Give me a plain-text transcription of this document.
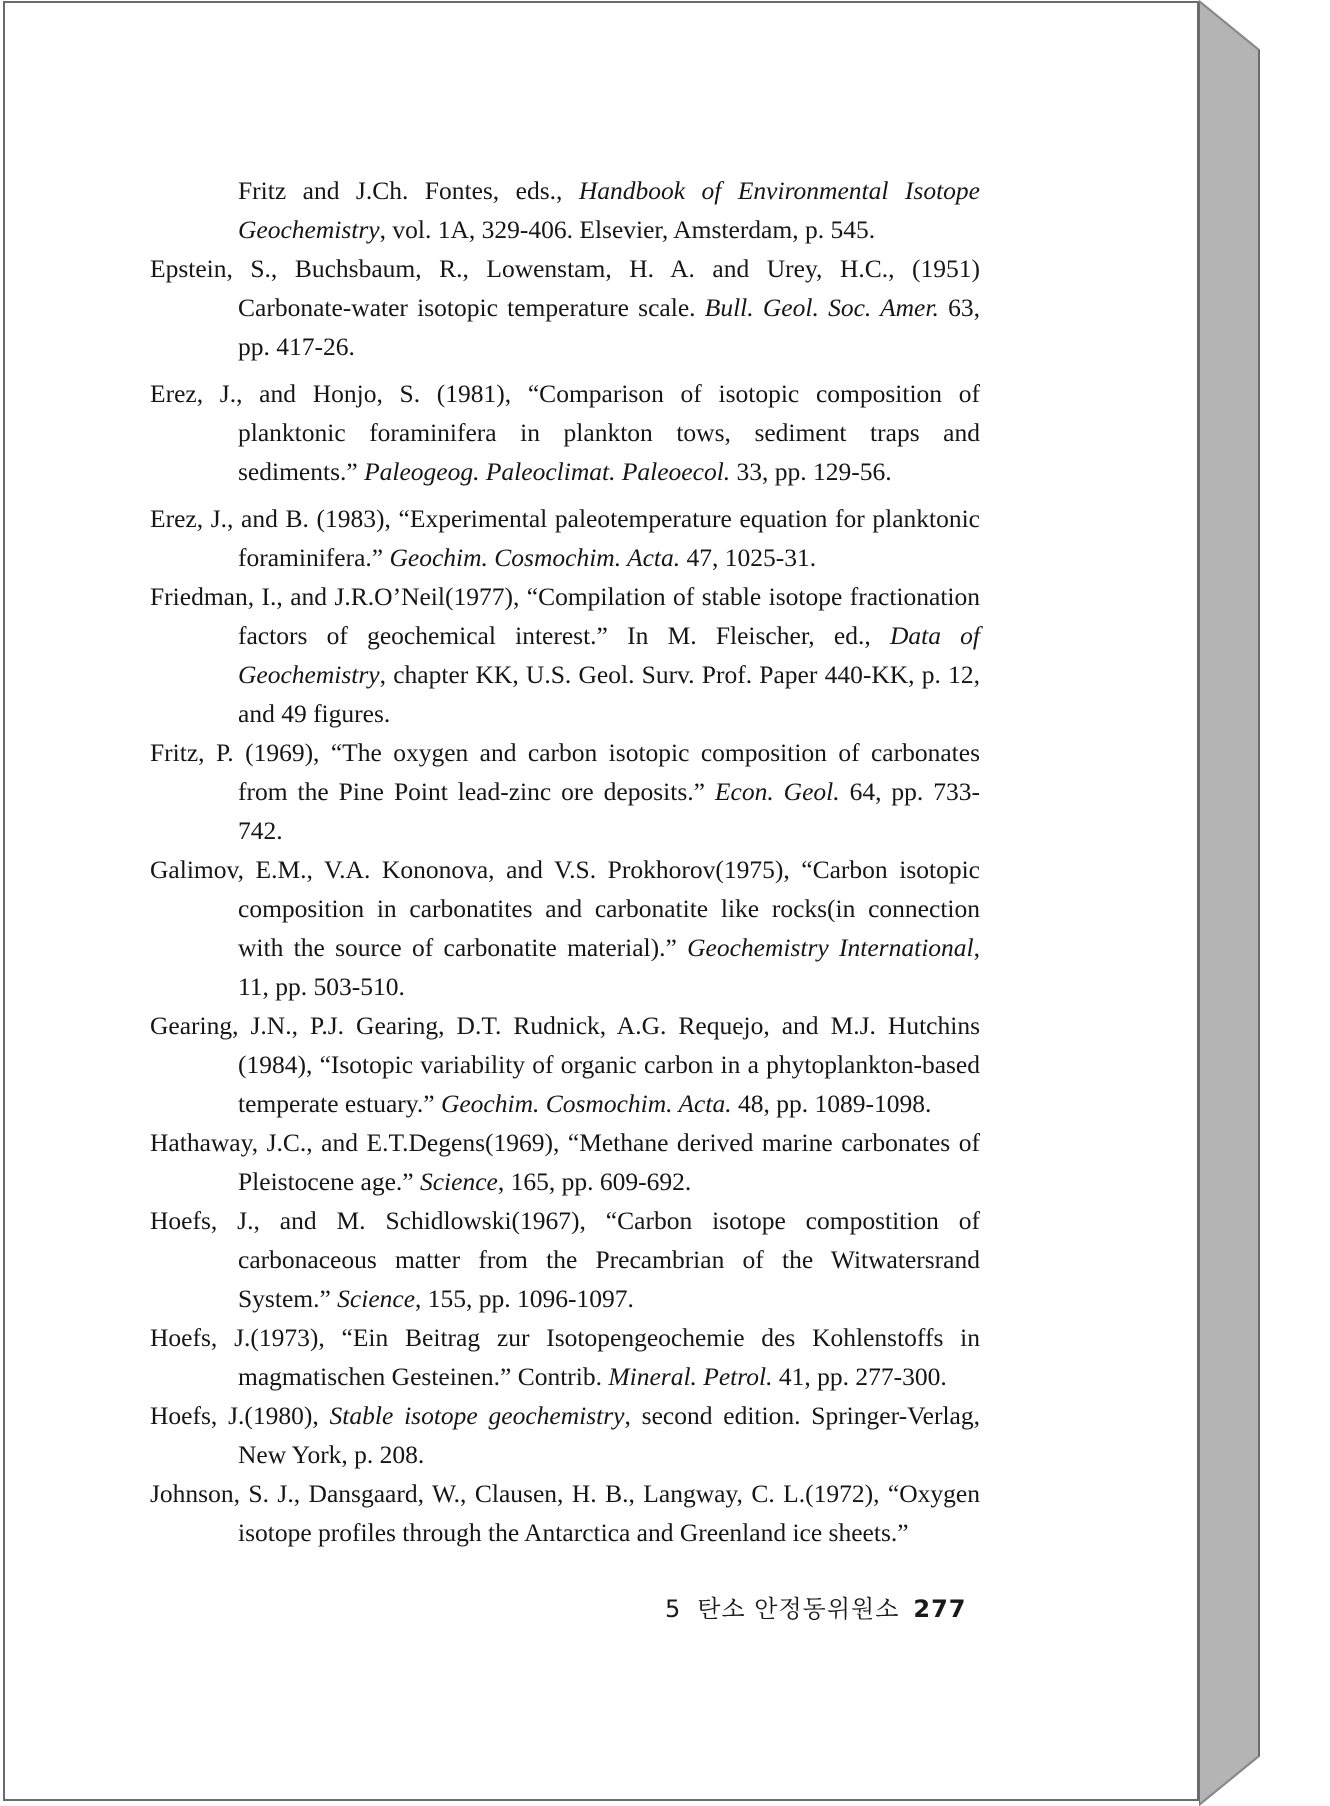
Fritz and J.Ch. Fontes, eds., Handbook of Environmental Isotope Geochemistry, vol. 1A, 329-406. Elsevier, Amsterdam, p. 545.

Epstein, S., Buchsbaum, R., Lowenstam, H. A. and Urey, H.C., (1951) Carbonate-water isotopic temperature scale. Bull. Geol. Soc. Amer. 63, pp. 417-26.

Erez, J., and Honjo, S. (1981), “Comparison of isotopic composition of planktonic foraminifera in plankton tows, sediment traps and sediments.” Paleogeog. Paleoclimat. Paleoecol. 33, pp. 129-56.

Erez, J., and B. (1983), “Experimental paleotemperature equation for planktonic foraminifera.” Geochim. Cosmochim. Acta. 47, 1025-31.

Friedman, I., and J.R.O’Neil(1977), “Compilation of stable isotope fractionation factors of geochemical interest.” In M. Fleischer, ed., Data of Geochemistry, chapter KK, U.S. Geol. Surv. Prof. Paper 440-KK, p. 12, and 49 figures.

Fritz, P. (1969), “The oxygen and carbon isotopic composition of carbonates from the Pine Point lead-zinc ore deposits.” Econ. Geol. 64, pp. 733-742.

Galimov, E.M., V.A. Kononova, and V.S. Prokhorov(1975), “Carbon isotopic composition in carbonatites and carbonatite like rocks(in connection with the source of carbonatite material).” Geochemistry International, 11, pp. 503-510.

Gearing, J.N., P.J. Gearing, D.T. Rudnick, A.G. Requejo, and M.J. Hutchins (1984), “Isotopic variability of organic carbon in a phytoplankton-based temperate estuary.” Geochim. Cosmochim. Acta. 48, pp. 1089-1098.

Hathaway, J.C., and E.T.Degens(1969), “Methane derived marine carbonates of Pleistocene age.” Science, 165, pp. 609-692.

Hoefs, J., and M. Schidlowski(1967), “Carbon isotope compostition of carbonaceous matter from the Precambrian of the Witwatersrand System.” Science, 155, pp. 1096-1097.

Hoefs, J.(1973), “Ein Beitrag zur Isotopengeochemie des Kohlenstoffs in magmatischen Gesteinen.” Contrib. Mineral. Petrol. 41, pp. 277-300.

Hoefs, J.(1980), Stable isotope geochemistry, second edition. Springer-Verlag, New York, p. 208.

Johnson, S. J., Dansgaard, W., Clausen, H. B., Langway, C. L.(1972), “Oxygen isotope profiles through the Antarctica and Greenland ice sheets.”

5 탄소 안정동위원소 277
